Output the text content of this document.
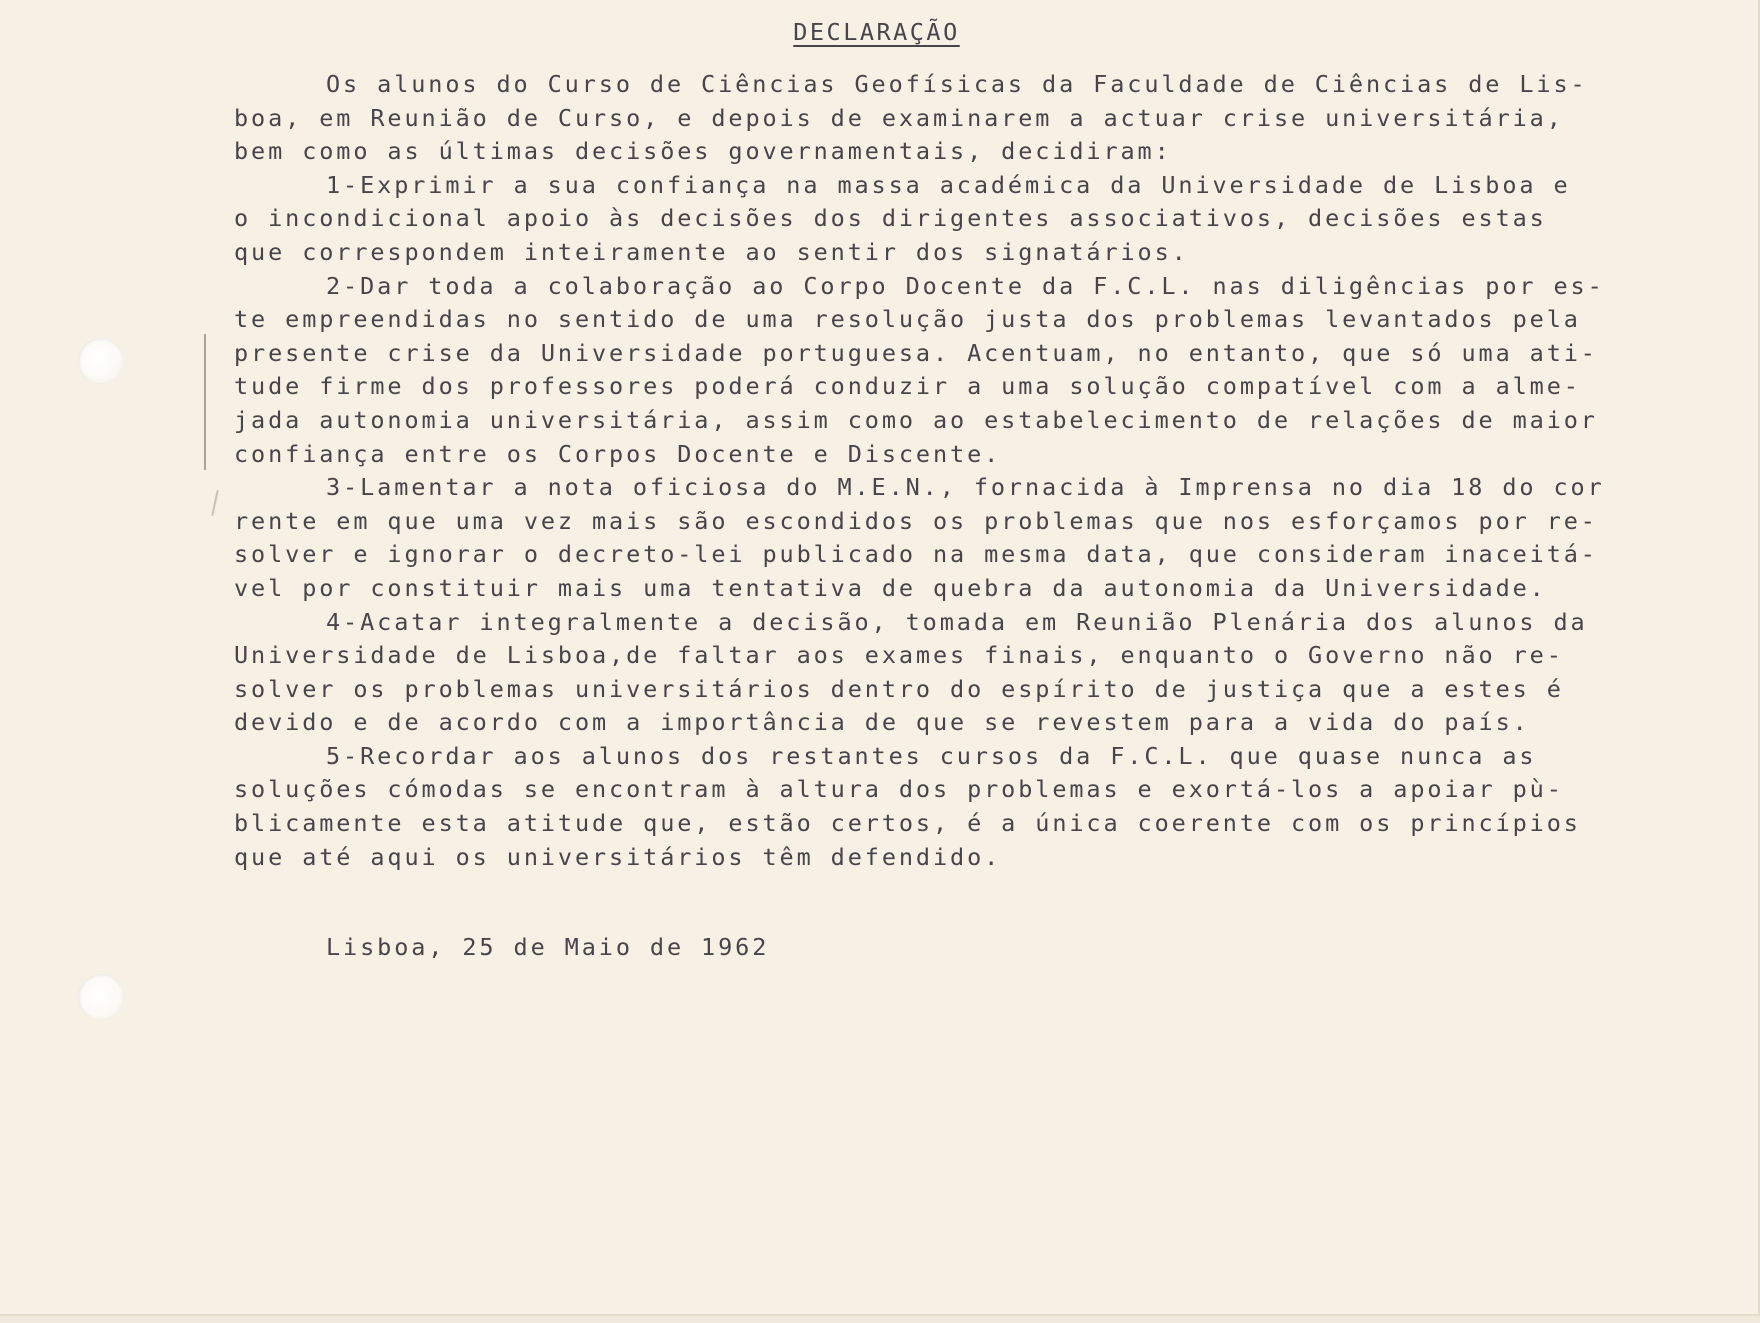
DECLARAÇÃO

Os alunos do Curso de Ciências Geofísicas da Faculdade de Ciências de Lis-

boa, em Reunião de Curso, e depois de examinarem a actuar crise universitária,

bem como as últimas decisões governamentais, decidiram:

1-Exprimir a sua confiança na massa académica da Universidade de Lisboa e

o incondicional apoio às decisões dos dirigentes associativos, decisões estas

que correspondem inteiramente ao sentir dos signatários.

2-Dar toda a colaboração ao Corpo Docente da F.C.L. nas diligências por es-

te empreendidas no sentido de uma resolução justa dos problemas levantados pela

presente crise da Universidade portuguesa. Acentuam, no entanto, que só uma ati-

tude firme dos professores poderá conduzir a uma solução compatível com a alme-

jada autonomia universitária, assim como ao estabelecimento de relações de maior

confiança entre os Corpos Docente e Discente.

3-Lamentar a nota oficiosa do M.E.N., fornacida à Imprensa no dia 18 do cor

rente em que uma vez mais são escondidos os problemas que nos esforçamos por re-

solver e ignorar o decreto-lei publicado na mesma data, que consideram inaceitá-

vel por constituir mais uma tentativa de quebra da autonomia da Universidade.

4-Acatar integralmente a decisão, tomada em Reunião Plenária dos alunos da

Universidade de Lisboa,de faltar aos exames finais, enquanto o Governo não re-

solver os problemas universitários dentro do espírito de justiça que a estes é

devido e de acordo com a importância de que se revestem para a vida do país.

5-Recordar aos alunos dos restantes cursos da F.C.L. que quase nunca as

soluções cómodas se encontram à altura dos problemas e exortá-los a apoiar pù-

blicamente esta atitude que, estão certos, é a única coerente com os princípios

que até aqui os universitários têm defendido.

Lisboa, 25 de Maio de 1962
